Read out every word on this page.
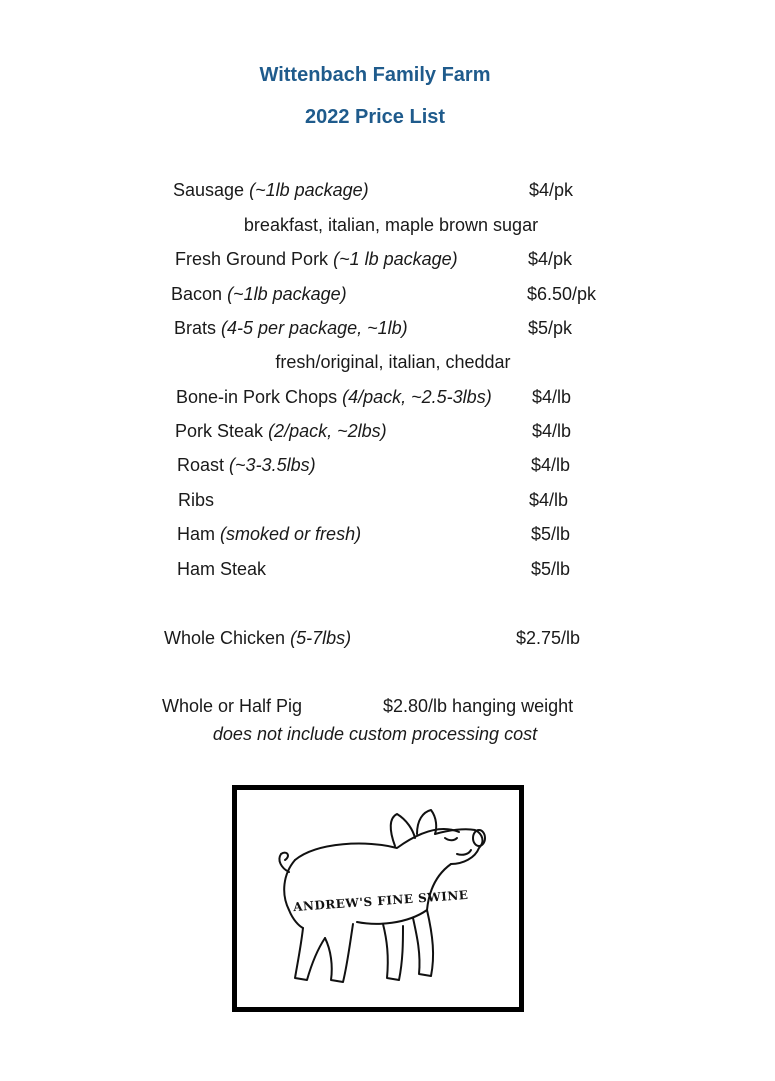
Wittenbach Family Farm
2022 Price List
Sausage (~1lb package)	$4/pk
breakfast, italian, maple brown sugar
Fresh Ground Pork (~1 lb package)	$4/pk
Bacon (~1lb package)	$6.50/pk
Brats (4-5 per package, ~1lb)	$5/pk
fresh/original, italian, cheddar
Bone-in Pork Chops (4/pack, ~2.5-3lbs) $4/lb
Pork Steak (2/pack, ~2lbs)	$4/lb
Roast (~3-3.5lbs)	$4/lb
Ribs	$4/lb
Ham (smoked or fresh)	$5/lb
Ham Steak	$5/lb
Whole Chicken (5-7lbs)	$2.75/lb
Whole or Half Pig	$2.80/lb hanging weight
does not include custom processing cost
ANDREW'S FINE SWINE
